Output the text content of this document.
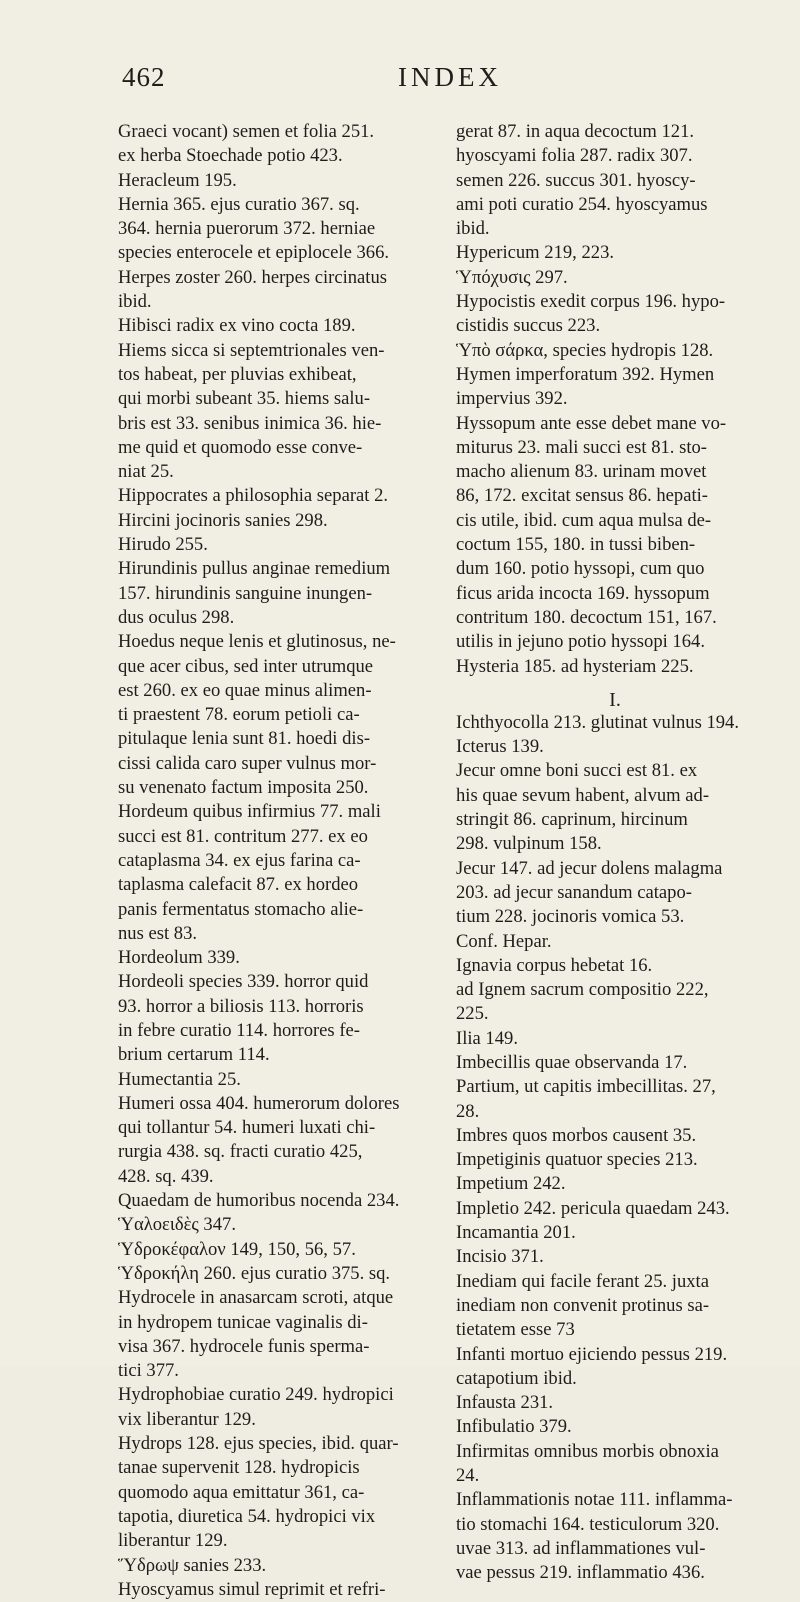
462	INDEX
Graeci vocant) semen et folia 251.
ex herba Stoechade potio 423.
Heracleum 195.
Hernia 365. ejus curatio 367. sq.
364. hernia puerorum 372. herniae
species enterocele et epiplocele 366.
Herpes zoster 260. herpes circinatus
ibid.
Hibisci radix ex vino cocta 189.
Hiems sicca si septemtrionales ven-
tos habeat, per pluvias exhibeat,
qui morbi subeant 35. hiems salu-
bris est 33. senibus inimica 36. hie-
me quid et quomodo esse conve-
niat 25.
Hippocrates a philosophia separat 2.
Hircini jocinoris sanies 298.
Hirudo 255.
Hirundinis pullus anginae remedium
157. hirundinis sanguine inungen-
dus oculus 298.
Hoedus neque lenis et glutinosus, ne-
que acer cibus, sed inter utrumque
est 260. ex eo quae minus alimen-
ti praestent 78. eorum petioli ca-
pitulaque lenia sunt 81. hoedi dis-
cissi calida caro super vulnus mor-
su venenato factum imposita 250.
Hordeum quibus infirmius 77. mali
succi est 81. contritum 277. ex eo
cataplasma 34. ex ejus farina ca-
taplasma calefacit 87. ex hordeo
panis fermentatus stomacho alie-
nus est 83.
Hordeolum 339.
Hordeoli species 339. horror quid
93. horror a biliosis 113. horroris
in febre curatio 114. horrores fe-
brium certarum 114.
Humectantia 25.
Humeri ossa 404. humerorum dolores
qui tollantur 54. humeri luxati chi-
rurgia 438. sq. fracti curatio 425,
428. sq. 439.
Quaedam de humoribus nocenda 234.
Ὑαλοειδὲς 347.
Ὑδροκέφαλον 149, 150, 56, 57.
Ὑδροκήλη 260. ejus curatio 375. sq.
Hydrocele in anasarcam scroti, atque
in hydropem tunicae vaginalis di-
visa 367. hydrocele funis sperma-
tici 377.
Hydrophobiae curatio 249. hydropici
vix liberantur 129.
Hydrops 128. ejus species, ibid. quar-
tanae supervenit 128. hydropicis
quomodo aqua emittatur 361, ca-
tapotia, diuretica 54. hydropici vix
liberantur 129.
Ὕδρωψ sanies 233.
Hyoscyamus simul reprimit et refri-
gerat 87. in aqua decoctum 121.
hyoscyami folia 287. radix 307.
semen 226. succus 301. hyoscy-
ami poti curatio 254. hyoscyamus
ibid.
Hypericum 219, 223.
Ὑπόχυσις 297.
Hypocistis exedit corpus 196. hypo-
cistidis succus 223.
Ὑπὸ σάρκα, species hydropis 128.
Hymen imperforatum 392. Hymen
impervius 392.
Hyssopum ante esse debet mane vo-
miturus 23. mali succi est 81. sto-
macho alienum 83. urinam movet
86, 172. excitat sensus 86. hepati-
cis utile, ibid. cum aqua mulsa de-
coctum 155, 180. in tussi biben-
dum 160. potio hyssopi, cum quo
ficus arida incocta 169. hyssopum
contritum 180. decoctum 151, 167.
utilis in jejuno potio hyssopi 164.
Hysteria 185. ad hysteriam 225.
I.
Ichthyocolla 213. glutinat vulnus 194.
Icterus 139.
Jecur omne boni succi est 81. ex
his quae sevum habent, alvum ad-
stringit 86. caprinum, hircinum
298. vulpinum 158.
Jecur 147. ad jecur dolens malagma
203. ad jecur sanandum catapo-
tium 228. jocinoris vomica 53.
Conf. Hepar.
Ignavia corpus hebetat 16.
ad Ignem sacrum compositio 222,
225.
Ilia 149.
Imbecillis quae observanda 17.
Partium, ut capitis imbecillitas. 27,
28.
Imbres quos morbos causent 35.
Impetiginis quatuor species 213.
Impetium 242.
Impletio 242. pericula quaedam 243.
Incamantia 201.
Incisio 371.
Inediam qui facile ferant 25. juxta
inediam non convenit protinus sa-
tietatem esse 73
Infanti mortuo ejiciendo pessus 219.
catapotium ibid.
Infausta 231.
Infibulatio 379.
Infirmitas omnibus morbis obnoxia
24.
Inflammationis notae 111. inflamma-
tio stomachi 164. testiculorum 320.
uvae 313. ad inflammationes vul-
vae pessus 219. inflammatio 436.
